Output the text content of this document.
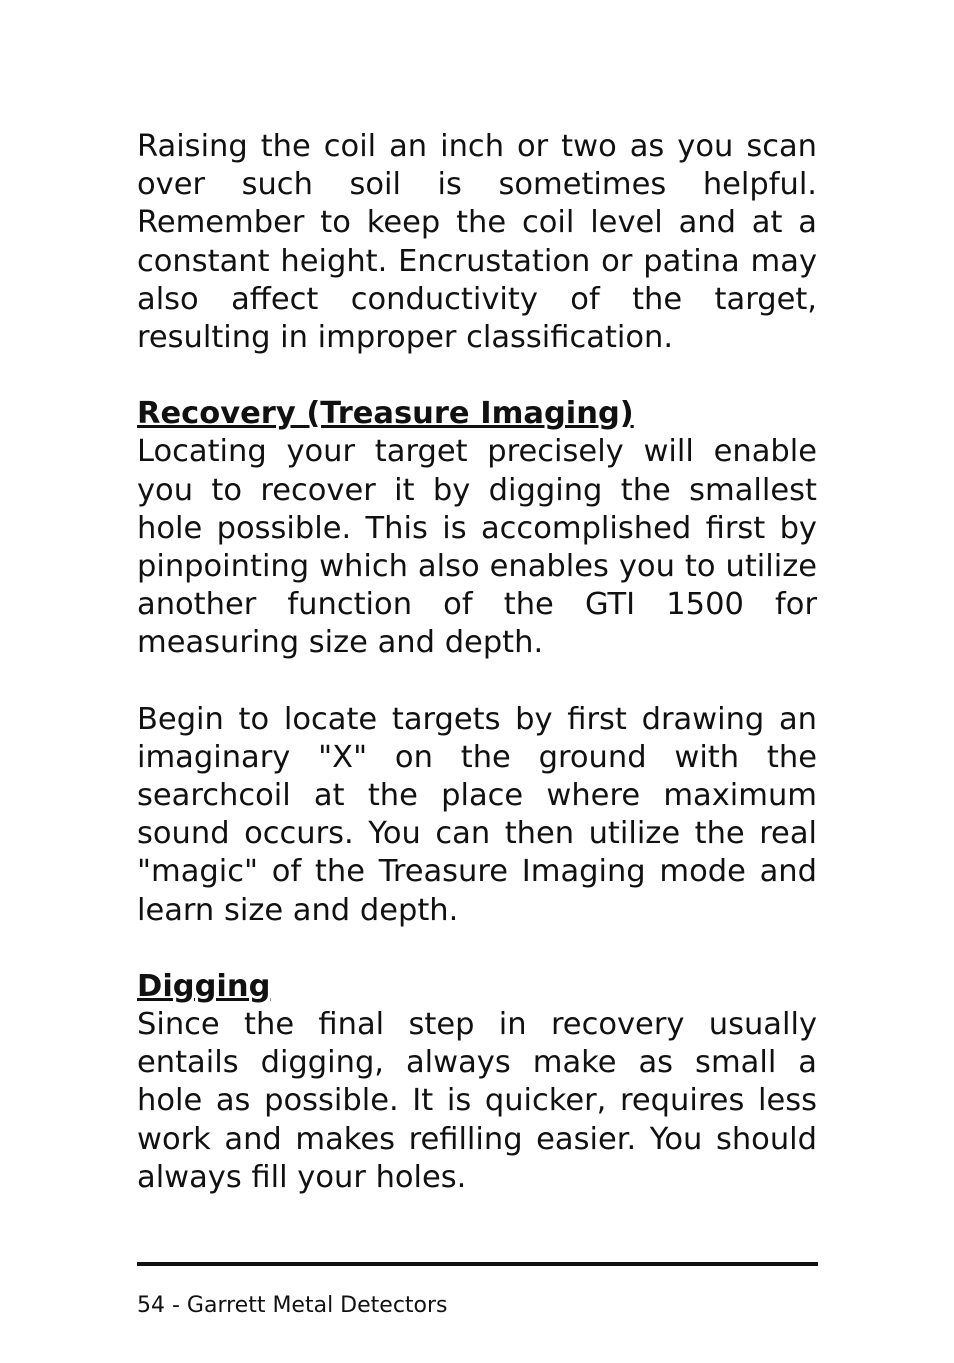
Raising the coil an inch or two as you scan over such soil is sometimes helpful. Remember to keep the coil level and at a constant height. Encrustation or patina may also affect conductivity of the target, resulting in improper classification.

Recovery (Treasure Imaging)

Locating your target precisely will enable you to recover it by digging the smallest hole possible. This is accomplished first by pinpointing which also enables you to utilize another function of the GTI 1500 for measuring size and depth.

Begin to locate targets by first drawing an imaginary "X" on the ground with the searchcoil at the place where maximum sound occurs. You can then utilize the real "magic" of the Treasure Imaging mode and learn size and depth.

Digging

Since the final step in recovery usually entails digging, always make as small a hole as possible. It is quicker, requires less work and makes refilling easier. You should always fill your holes.

54 - Garrett Metal Detectors
